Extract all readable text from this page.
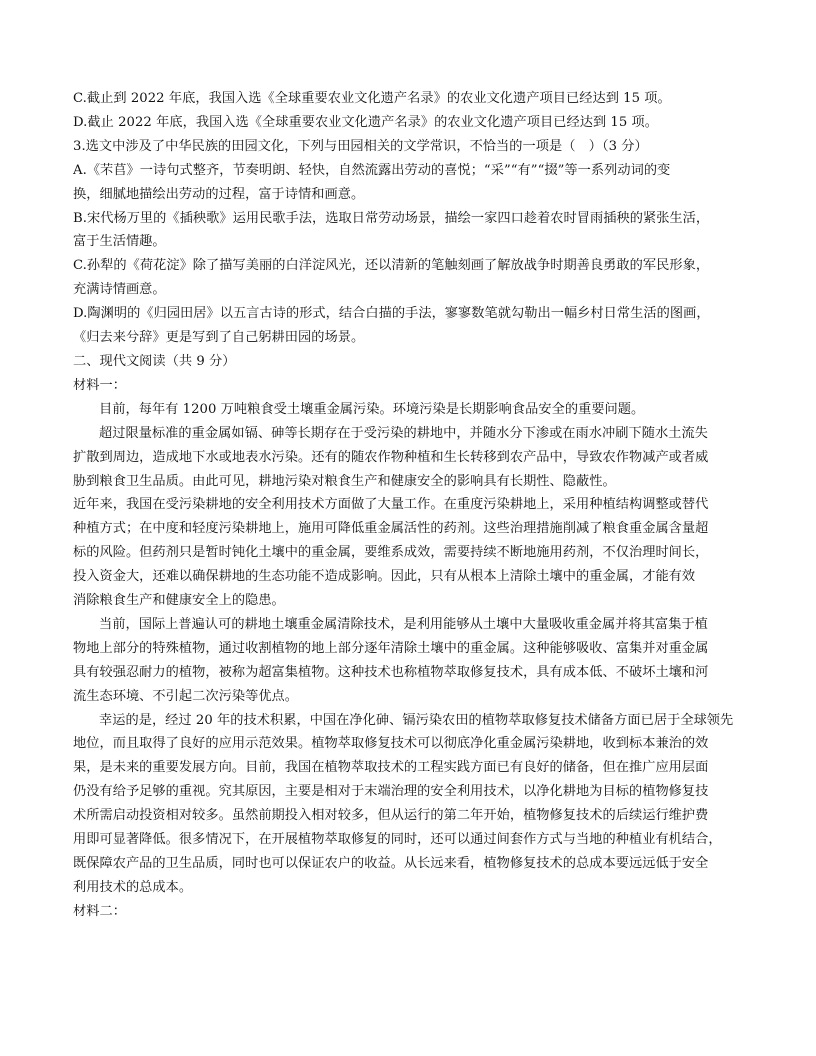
C.截止到 2022 年底，我国入选《全球重要农业文化遗产名录》的农业文化遗产项目已经达到 15 项。
D.截止 2022 年底，我国入选《全球重要农业文化遗产名录》的农业文化遗产项目已经达到 15 项。
3.选文中涉及了中华民族的田园文化，下列与田园相关的文学常识，不恰当的一项是（　）（3 分）
A.《芣苢》一诗句式整齐，节奏明朗、轻快，自然流露出劳动的喜悦；“采”“有”“掇”等一系列动词的变
换，细腻地描绘出劳动的过程，富于诗情和画意。
B.宋代杨万里的《插秧歌》运用民歌手法，选取日常劳动场景，描绘一家四口趁着农时冒雨插秧的紧张生活，
富于生活情趣。
C.孙犁的《荷花淀》除了描写美丽的白洋淀风光，还以清新的笔触刻画了解放战争时期善良勇敢的军民形象，
充满诗情画意。
D.陶渊明的《归园田居》以五言古诗的形式，结合白描的手法，寥寥数笔就勾勒出一幅乡村日常生活的图画，
《归去来兮辞》更是写到了自己躬耕田园的场景。
二、现代文阅读（共 9 分）
材料一：
目前，每年有 1200 万吨粮食受土壤重金属污染。环境污染是长期影响食品安全的重要问题。
超过限量标准的重金属如镉、砷等长期存在于受污染的耕地中，并随水分下渗或在雨水冲刷下随水土流失
扩散到周边，造成地下水或地表水污染。还有的随农作物种植和生长转移到农产品中，导致农作物减产或者威
胁到粮食卫生品质。由此可见，耕地污染对粮食生产和健康安全的影响具有长期性、隐蔽性。
近年来，我国在受污染耕地的安全利用技术方面做了大量工作。在重度污染耕地上，采用种植结构调整或替代
种植方式；在中度和轻度污染耕地上，施用可降低重金属活性的药剂。这些治理措施削减了粮食重金属含量超
标的风险。但药剂只是暂时钝化土壤中的重金属，要维系成效，需要持续不断地施用药剂，不仅治理时间长，
投入资金大，还难以确保耕地的生态功能不造成影响。因此，只有从根本上清除土壤中的重金属，才能有效
消除粮食生产和健康安全上的隐患。
当前，国际上普遍认可的耕地土壤重金属清除技术，是利用能够从土壤中大量吸收重金属并将其富集于植
物地上部分的特殊植物，通过收割植物的地上部分逐年清除土壤中的重金属。这种能够吸收、富集并对重金属
具有较强忍耐力的植物，被称为超富集植物。这种技术也称植物萃取修复技术，具有成本低、不破坏土壤和河
流生态环境、不引起二次污染等优点。
幸运的是，经过 20 年的技术积累，中国在净化砷、镉污染农田的植物萃取修复技术储备方面已居于全球领先
地位，而且取得了良好的应用示范效果。植物萃取修复技术可以彻底净化重金属污染耕地，收到标本兼治的效
果，是未来的重要发展方向。目前，我国在植物萃取技术的工程实践方面已有良好的储备，但在推广应用层面
仍没有给予足够的重视。究其原因，主要是相对于末端治理的安全利用技术，以净化耕地为目标的植物修复技
术所需启动投资相对较多。虽然前期投入相对较多，但从运行的第二年开始，植物修复技术的后续运行维护费
用即可显著降低。很多情况下，在开展植物萃取修复的同时，还可以通过间套作方式与当地的种植业有机结合，
既保障农产品的卫生品质，同时也可以保证农户的收益。从长远来看，植物修复技术的总成本要远远低于安全
利用技术的总成本。
材料二：
